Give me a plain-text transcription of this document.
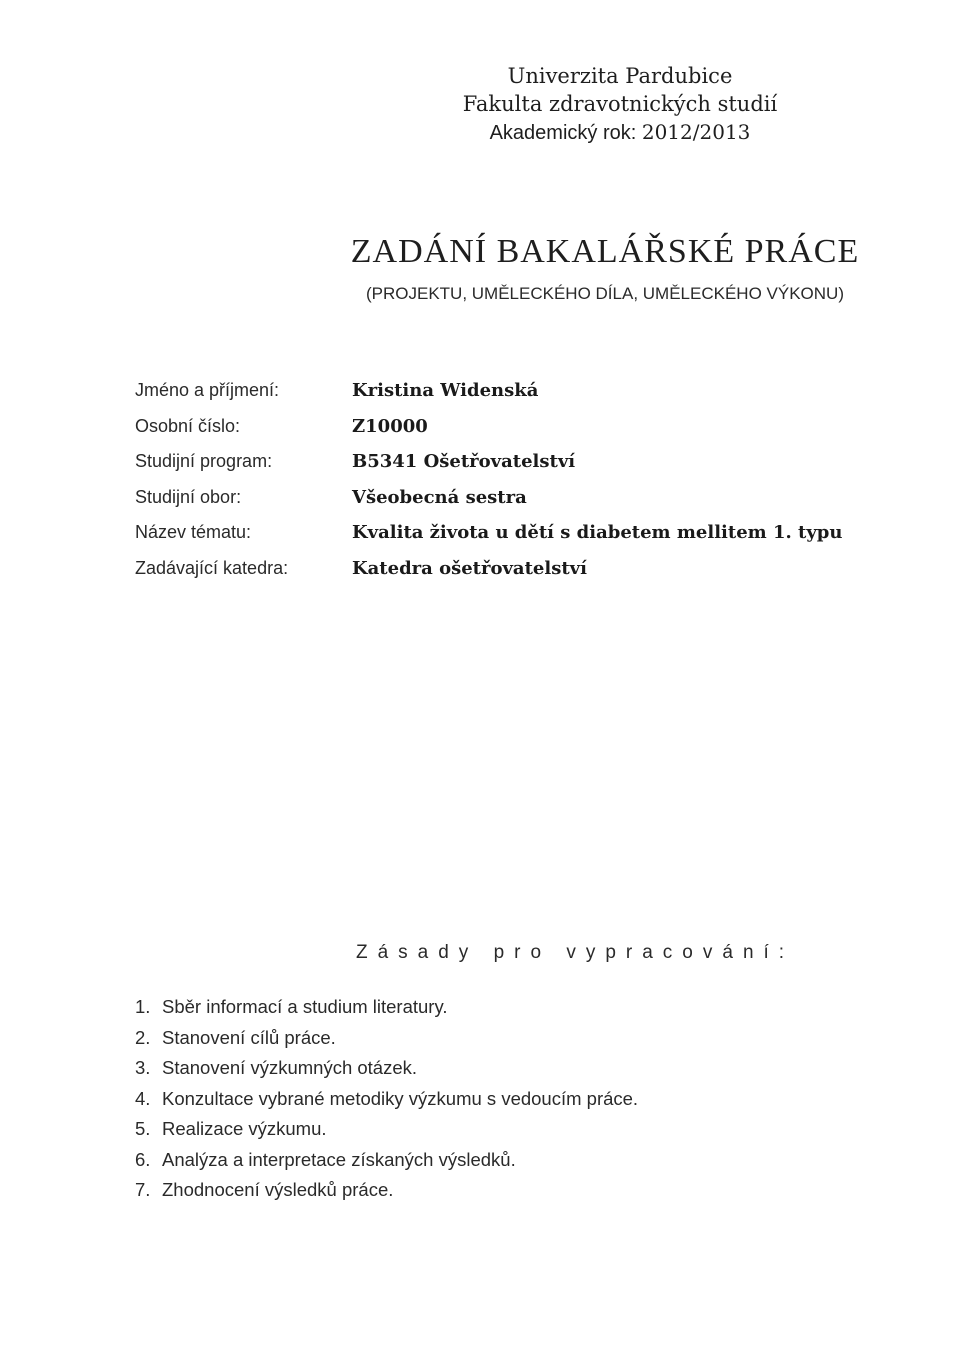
Univerzita Pardubice
Fakulta zdravotnických studií
Akademický rok: 2012/2013
ZADÁNÍ BAKALÁŘSKÉ PRÁCE
(PROJEKTU, UMĚLECKÉHO DÍLA, UMĚLECKÉHO VÝKONU)
Jméno a příjmení:	Kristina Widenská
Osobní číslo:	Z10000
Studijní program:	B5341 Ošetřovatelství
Studijní obor:	Všeobecná sestra
Název tématu:	Kvalita života u dětí s diabetem mellitem 1. typu
Zadávající katedra:	Katedra ošetřovatelství
Zásady pro vypracování:
1. Sběr informací a studium literatury.
2. Stanovení cílů práce.
3. Stanovení výzkumných otázek.
4. Konzultace vybrané metodiky výzkumu s vedoucím práce.
5. Realizace výzkumu.
6. Analýza a interpretace získaných výsledků.
7. Zhodnocení výsledků práce.
